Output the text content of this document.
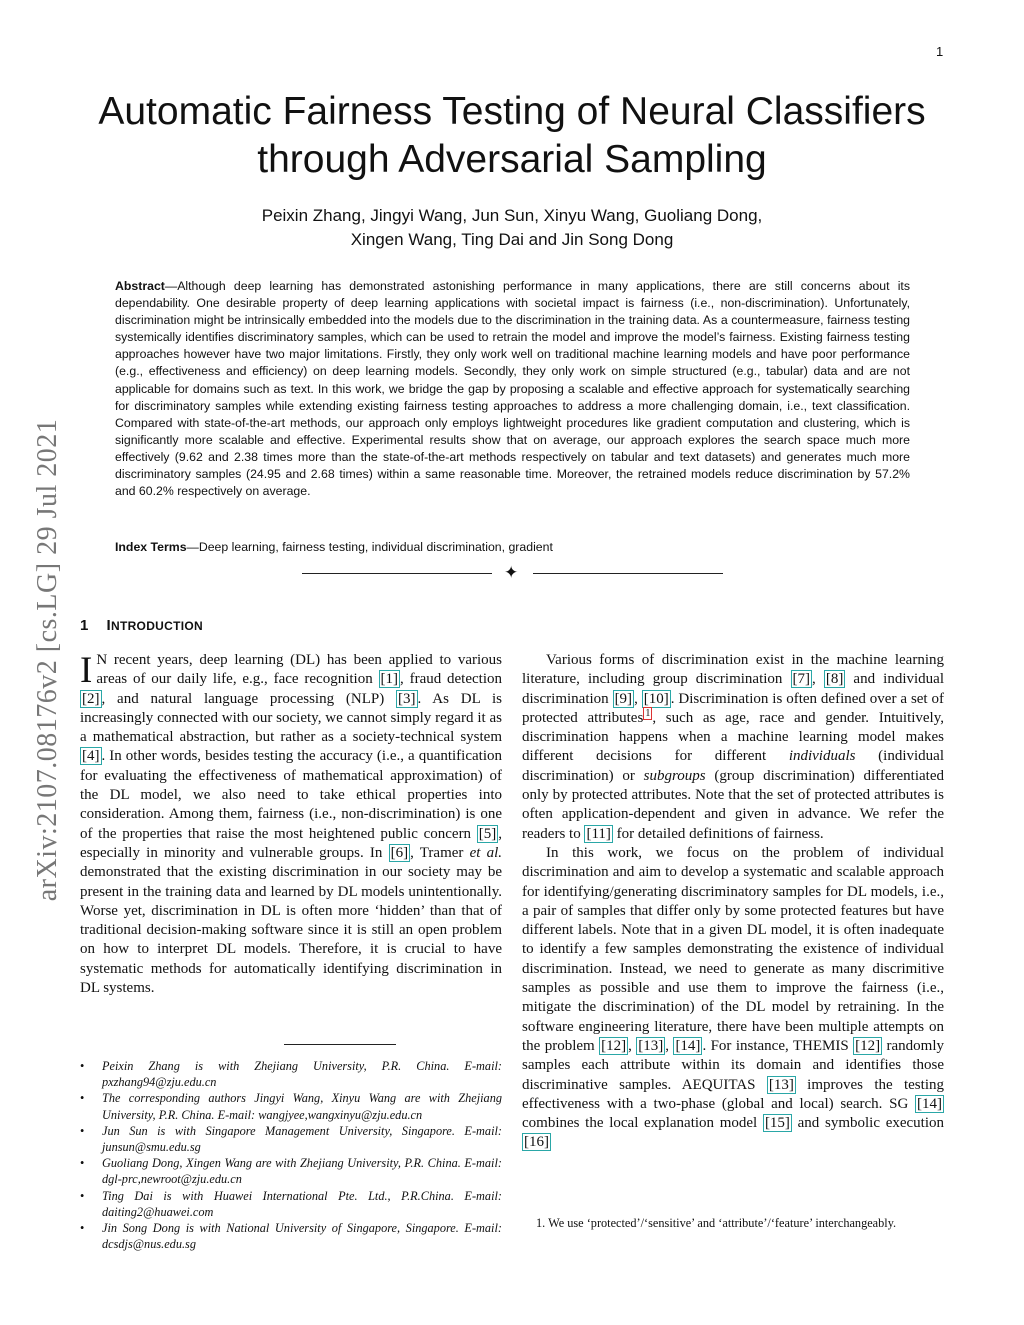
1
arXiv:2107.08176v2 [cs.LG] 29 Jul 2021
Automatic Fairness Testing of Neural Classifiers
through Adversarial Sampling
Peixin Zhang, Jingyi Wang, Jun Sun, Xinyu Wang, Guoliang Dong,
Xingen Wang, Ting Dai and Jin Song Dong
Abstract—Although deep learning has demonstrated astonishing performance in many applications, there are still concerns about its dependability. One desirable property of deep learning applications with societal impact is fairness (i.e., non-discrimination). Unfortunately, discrimination might be intrinsically embedded into the models due to the discrimination in the training data. As a countermeasure, fairness testing systemically identifies discriminatory samples, which can be used to retrain the model and improve the model’s fairness. Existing fairness testing approaches however have two major limitations. Firstly, they only work well on traditional machine learning models and have poor performance (e.g., effectiveness and efficiency) on deep learning models. Secondly, they only work on simple structured (e.g., tabular) data and are not applicable for domains such as text. In this work, we bridge the gap by proposing a scalable and effective approach for systematically searching for discriminatory samples while extending existing fairness testing approaches to address a more challenging domain, i.e., text classification. Compared with state-of-the-art methods, our approach only employs lightweight procedures like gradient computation and clustering, which is significantly more scalable and effective. Experimental results show that on average, our approach explores the search space much more effectively (9.62 and 2.38 times more than the state-of-the-art methods respectively on tabular and text datasets) and generates much more discriminatory samples (24.95 and 2.68 times) within a same reasonable time. Moreover, the retrained models reduce discrimination by 57.2% and 60.2% respectively on average.
Index Terms—Deep learning, fairness testing, individual discrimination, gradient
✦
1 INTRODUCTION

I N recent years, deep learning (DL) has been applied to various areas of our daily life, e.g., face recognition [1] , fraud detection [2] , and natural language processing (NLP) [3] . As DL is increasingly connected with our society, we cannot simply regard it as a mathematical abstraction, but rather as a society-technical system [4] . In other words, besides testing the accuracy (i.e., a quantification for evaluating the effectiveness of mathematical approximation) of the DL model, we also need to take ethical properties into consideration. Among them, fairness (i.e., non-discrimination) is one of the properties that raise the most heightened public concern [5] , especially in minority and vulnerable groups. In [6] , Tramer et al. demonstrated that the existing discrimination in our society may be present in the training data and learned by DL models unintentionally. Worse yet, discrimination in DL is often more ‘hidden’ than that of traditional decision-making software since it is still an open problem on how to interpret DL models. Therefore, it is crucial to have systematic methods for automatically identifying discrimination in DL systems.

• Peixin Zhang is with Zhejiang University, P.R. China. E-mail: pxzhang94@zju.edu.cn
• The corresponding authors Jingyi Wang, Xinyu Wang are with Zhejiang University, P.R. China. E-mail: wangjyee,wangxinyu@zju.edu.cn
• Jun Sun is with Singapore Management University, Singapore. E-mail: junsun@smu.edu.sg
• Guoliang Dong, Xingen Wang are with Zhejiang University, P.R. China. E-mail: dgl-prc,newroot@zju.edu.cn
• Ting Dai is with Huawei International Pte. Ltd., P.R.China. E-mail: daiting2@huawei.com
• Jin Song Dong is with National University of Singapore, Singapore. E-mail: dcsdjs@nus.edu.sg

Various forms of discrimination exist in the machine learning literature, including group discrimination [7] , [8] and individual discrimination [9] , [10] . Discrimination is often defined over a set of protected attributes $^1$ , such as age, race and gender. Intuitively, discrimination happens when a machine learning model makes different decisions for different individuals (individual discrimination) or subgroups (group discrimination) differentiated only by protected attributes. Note that the set of protected attributes is often application-dependent and given in advance. We refer the readers to [11] for detailed definitions of fairness.

In this work, we focus on the problem of individual discrimination and aim to develop a systematic and scalable approach for identifying/generating discriminatory samples for DL models, i.e., a pair of samples that differ only by some protected features but have different labels. Note that in a given DL model, it is often inadequate to identify a few samples demonstrating the existence of individual discrimination. Instead, we need to generate as many discrimitive samples as possible and use them to improve the fairness (i.e., mitigate the discrimination) of the DL model by retraining. In the software engineering literature, there have been multiple attempts on the problem [12] , [13] , [14] . For instance, THEMIS [12] randomly samples each attribute within its domain and identifies those discriminative samples. AEQUITAS [13] improves the testing effectiveness with a two-phase (global and local) search. SG [14] combines the local explanation model [15] and symbolic execution [16]

1. We use ‘protected’/‘sensitive’ and ‘attribute’/‘feature’ interchangeably.
